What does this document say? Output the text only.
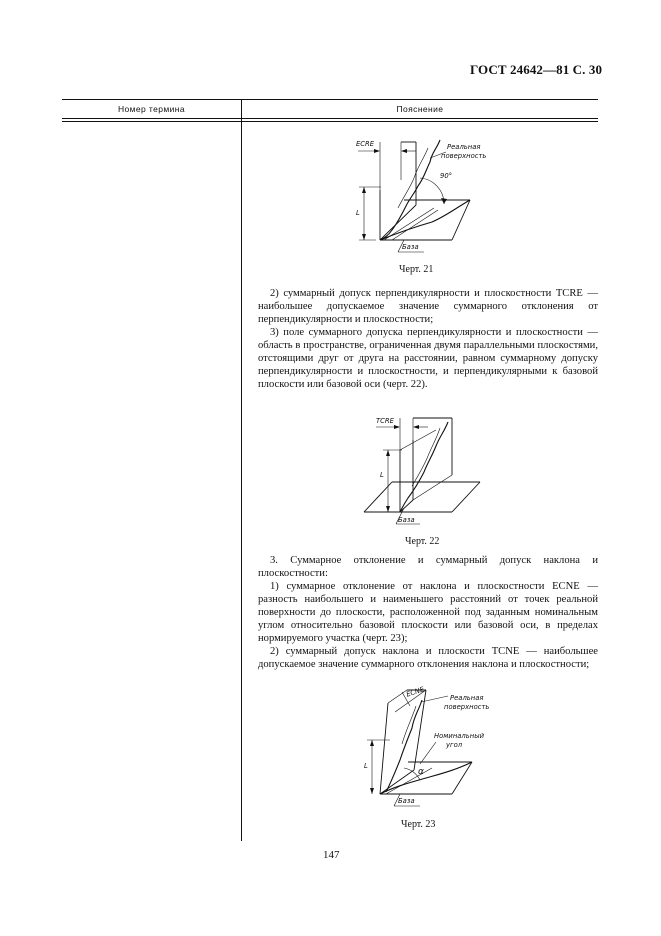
ГОСТ 24642—81 С. 30
Номер термина	Пояснение
ECRE	Реальная
поверхность
90°
L
База
Черт. 21

2) суммарный допуск перпендикулярности и плоскостности TCRE — наибольшее допускаемое значение суммарного отклонения от перпендикулярности и плоскостности;

3) поле суммарного допуска перпендикулярности и плоскостности — область в пространстве, ограниченная двумя параллельными плоскостями, отстоящими друг от друга на расстоянии, равном суммарному допуску перпендикулярности и плоскостности, и перпендикулярными к базовой плоскости или базовой оси (черт. 22).

TCRE
L
База
Черт. 22

3. Суммарное отклонение и суммарный допуск наклона и плоскостности:

1) суммарное отклонение от наклона и плоскостности ECNE — разность наибольшего и наименьшего расстояний от точек реальной поверхности до плоскости, расположенной под заданным номинальным углом относительно базовой плоскости или базовой оси, в пределах нормируемого участка (черт. 23);

2) суммарный допуск наклона и плоскости TCNE — наибольшее допускаемое значение суммарного отклонения наклона и плоскостности;

ECNE	Реальная
поверхность
Номинальный
угол
α
L
База
Черт. 23
147
